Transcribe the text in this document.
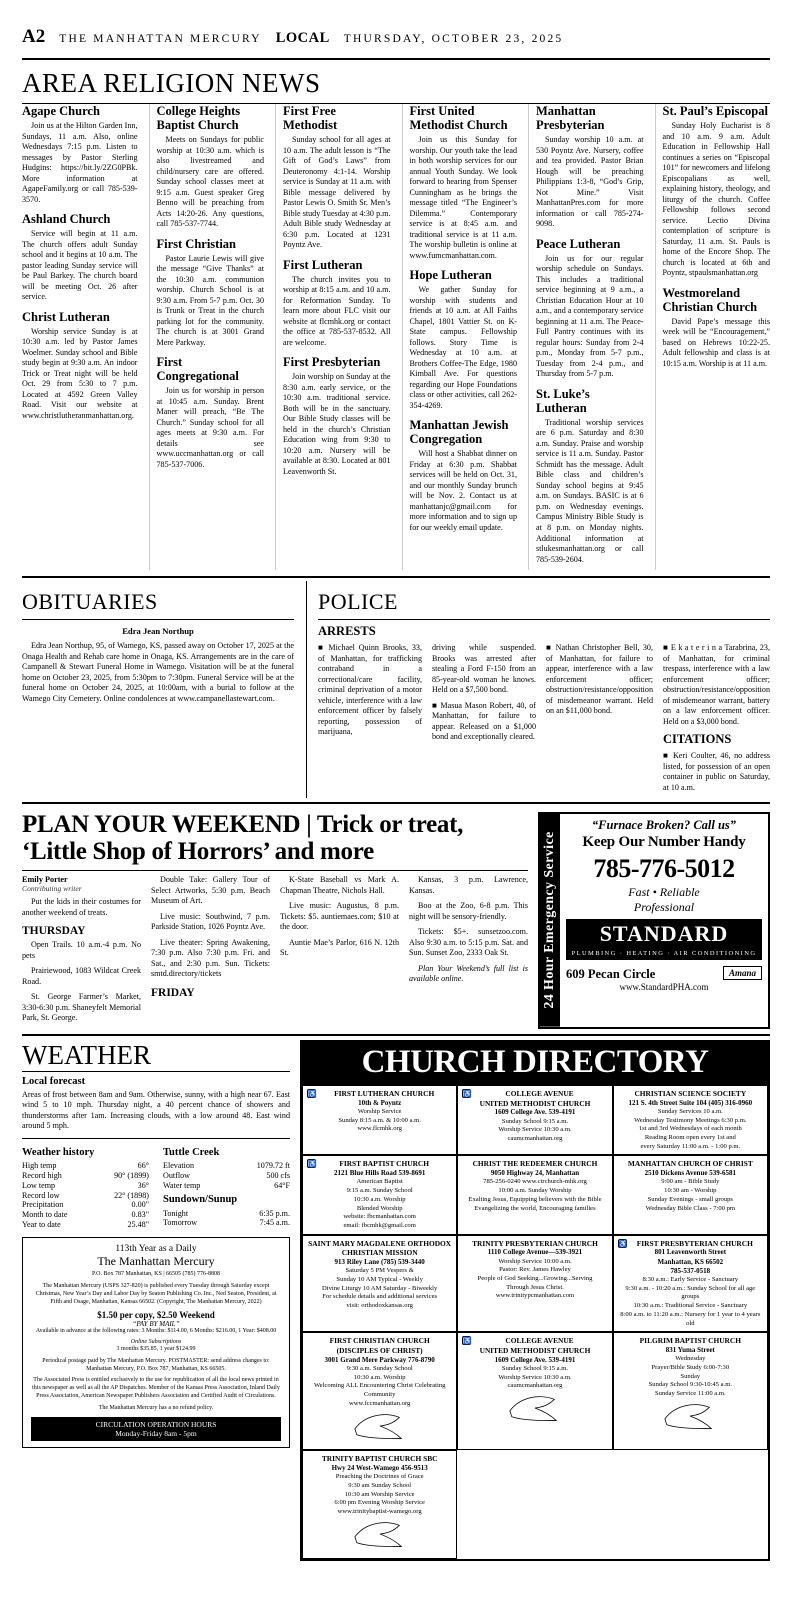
A2 THE MANHATTAN MERCURY LOCAL THURSDAY, OCTOBER 23, 2025
AREA RELIGION NEWS
Agape Church

Join us at the Hilton Garden Inn, Sundays, 11 a.m. Also, online Wednesdays 7:15 p.m. Listen to messages by Pastor Sterling Hudgins: https://bit.ly/2ZG0PBk. More information at AgapeFamily.org or call 785-539-3570.

Ashland Church

Service will begin at 11 a.m. The church offers adult Sunday school and it begins at 10 a.m. The pastor leading Sunday service will be Paul Barkey. The church board will be meeting Oct. 26 after service.

Christ Lutheran

Worship service Sunday is at 10:30 a.m. led by Pastor James Woelmer. Sunday school and Bible study begin at 9:30 a.m. An indoor Trick or Treat night will be held Oct. 29 from 5:30 to 7 p.m. Located at 4592 Green Valley Road. Visit our website at www.christlutheranmanhattan.org.

College Heights Baptist Church

Meets on Sundays for public worship at 10:30 a.m. which is also livestreamed and child/nursery care are offered. Sunday school classes meet at 9:15 a.m. Guest speaker Greg Benno will be preaching from Acts 14:20-26. Any questions, call 785-537-7744.

First Christian

Pastor Laurie Lewis will give the message “Give Thanks” at the 10:30 a.m. communion worship. Church School is at 9:30 a.m. From 5-7 p.m. Oct. 30 is Trunk or Treat in the church parking lot for the community. The church is at 3001 Grand Mere Parkway.

First Congregational

Join us for worship in person at 10:45 a.m. Sunday. Brent Maner will preach, “Be The Church.” Sunday school for all ages meets at 9:30 a.m. For details see www.uccmanhattan.org or call 785-537-7006.

First Free Methodist

Sunday school for all ages at 10 a.m. The adult lesson is “The Gift of God’s Laws” from Deuteronomy 4:1-14. Worship service is Sunday at 11 a.m. with Bible message delivered by Pastor Lewis O. Smith Sr. Men’s Bible study Tuesday at 4:30 p.m. Adult Bible study Wednesday at 6:30 p.m. Located at 1231 Poyntz Ave.

First Lutheran

The church invites you to worship at 8:15 a.m. and 10 a.m. for Reformation Sunday. To learn more about FLC visit our website at flcmhk.org or contact the office at 785-537-8532. All are welcome.

First Presbyterian

Join worship on Sunday at the 8:30 a.m. early service, or the 10:30 a.m. traditional service. Both will be in the sanctuary. Our Bible Study classes will be held in the church’s Christian Education wing from 9:30 to 10:20 a.m. Nursery will be available at 8:30. Located at 801 Leavenworth St.

First United Methodist Church

Join us this Sunday for worship. Our youth take the lead in both worship services for our annual Youth Sunday. We look forward to hearing from Spenser Cunningham as he brings the message titled “The Engineer’s Dilemma.” Contemporary service is at 8:45 a.m. and traditional service is at 11 a.m. The worship bulletin is online at www.fumcmanhattan.com.

Hope Lutheran

We gather Sunday for worship with students and friends at 10 a.m. at All Faiths Chapel, 1801 Vattier St. on K-State campus. Fellowship follows. Story Time is Wednesday at 10 a.m. at Brothers Coffee-The Edge, 1980 Kimball Ave. For questions regarding our Hope Foundations class or other activities, call 262-354-4269.

Manhattan Jewish Congregation

Will host a Shabbat dinner on Friday at 6:30 p.m. Shabbat services will be held on Oct. 31, and our monthly Sunday brunch will be Nov. 2. Contact us at manhattanjc@gmail.com for more information and to sign up for our weekly email update.

Manhattan Presbyterian

Sunday worship 10 a.m. at 530 Poyntz Ave. Nursery, coffee and tea provided. Pastor Brian Hough will be preaching Philippians 1:3-8, “God’s Grip, Not Mine.” Visit ManhattanPres.com for more information or call 785-274-9098.

Peace Lutheran

Join us for our regular worship schedule on Sundays. This includes a traditional service beginning at 9 a.m., a Christian Education Hour at 10 a.m., and a contemporary service beginning at 11 a.m. The Peace-Full Pantry continues with its regular hours: Sunday from 2-4 p.m., Monday from 5-7 p.m., Tuesday from 2-4 p.m., and Thursday from 5-7 p.m.

St. Luke’s Lutheran

Traditional worship services are 6 p.m. Saturday and 8:30 a.m. Sunday. Praise and worship service is 11 a.m. Sunday. Pastor Schmidt has the message. Adult Bible class and children’s Sunday school begins at 9:45 a.m. on Sundays. BASIC is at 6 p.m. on Wednesday evenings. Campus Ministry Bible Study is at 8 p.m. on Monday nights. Additional information at stlukesmanhattan.org or call 785-539-2604.

St. Paul’s Episcopal

Sunday Holy Eucharist is 8 and 10 a.m. 9 a.m. Adult Education in Fellowship Hall continues a series on “Episcopal 101” for newcomers and lifelong Episcopalians as well, explaining history, theology, and liturgy of the church. Coffee Fellowship follows second service. Lectio Divina contemplation of scripture is Saturday, 11 a.m. St. Pauls is home of the Encore Shop. The church is located at 6th and Poyntz, stpaulsmanhattan.org

Westmoreland Christian Church

David Pape’s message this week will be “Encouragement,” based on Hebrews 10:22-25. Adult fellowship and class is at 10:15 a.m. Worship is at 11 a.m.

OBITUARIES
Edra Jean Northup

Edra Jean Northup, 95, of Wamego, KS, passed away on October 17, 2025 at the Onaga Health and Rehab care home in Onaga, KS. Arrangements are in the care of Campanell & Stewart Funeral Home in Wamego. Visitation will be at the funeral home on October 23, 2025, from 5:30pm to 7:30pm. Funeral Service will be at the funeral home on October 24, 2025, at 10:00am, with a burial to follow at the Wamego City Cemetery. Online condolences at www.campanellastewart.com.

POLICE
ARRESTS

■ Michael Quinn Brooks, 33, of Manhattan, for trafficking contraband in a correctional/care facility, criminal deprivation of a motor vehicle, interference with a law enforcement officer by falsely reporting, possession of marijuana,

driving while suspended. Brooks was arrested after stealing a Ford F-150 from an 85-year-old woman he knows. Held on a $7,500 bond.

■ Masua Mason Robert, 40, of Manhattan, for failure to appear. Released on a $1,000 bond and exceptionally cleared.

■ Nathan Christopher Bell, 30, of Manhattan, for failure to appear, interference with a law enforcement officer; obstruction/resistance/opposition of misdemeanor warrant. Held on an $11,000 bond.

■ E k a t e r i n a Tarabrina, 23, of Manhattan, for criminal trespass, interference with a law enforcement officer; obstruction/resistance/opposition of misdemeanor warrant, battery on a law enforcement officer. Held on a $3,000 bond.

CITATIONS

■ Keri Coulter, 46, no address listed, for possession of an open container in public on Saturday, at 10 a.m.

PLAN YOUR WEEKEND | Trick or treat, ‘Little Shop of Horrors’ and more
Emily Porter
Contributing writer

Put the kids in their costumes for another weekend of treats.

THURSDAY

Open Trails. 10 a.m.-4 p.m. No pets

Prairiewood, 1083 Wildcat Creek Road.

St. George Farmer’s Market, 3:30-6:30 p.m. Shaneyfelt Memorial Park, St. George.

Double Take: Gallery Tour of Select Artworks, 5:30 p.m. Beach Museum of Art.

Live music: Southwind, 7 p.m. Parkside Station, 1026 Poyntz Ave.

Live theater: Spring Awakening, 7:30 p.m. Also 7:30 p.m. Fri. and Sat., and 2:30 p.m. Sun. Tickets: smtd.directory/tickets

FRIDAY

K-State Baseball vs Mark A. Chapman Theatre, Nichols Hall.

Live music: Augustus, 8 p.m. Tickets: $5. auntiemaes.com; $10 at the door.

Auntie Mae’s Parlor, 616 N. 12th St.

Kansas, 3 p.m. Lawrence, Kansas.

Boo at the Zoo, 6-8 p.m. This night will be sensory-friendly.

Tickets: $5+. sunsetzoo.com. Also 9:30 a.m. to 5:15 p.m. Sat. and Sun. Sunset Zoo, 2333 Oak St.

Plan Your Weekend’s full list is available online.	24 Hour Emergency Service
“Furnace Broken? Call us”
Keep Our Number Handy
785-776-5012
Fast • Reliable
Professional
STANDARD
PLUMBING · HEATING · AIR CONDITIONING
609 Pecan Circle	Amana
www.StandardPHA.com
WEATHER
Local forecast
Areas of frost between 8am and 9am. Otherwise, sunny, with a high near 67. East wind 5 to 10 mph. Thursday night, a 40 percent chance of showers and thunderstorms after 1am. Increasing clouds, with a low around 48. East wind around 5 mph.
Weather history
High temp	66°
Record high	90° (1899)
Low temp	36°
Record low	22° (1898)
Precipitation	0.00"
Month to date	0.83"
Year to date	25.48"
Tuttle Creek
Elevation	1079.72 ft
Outflow	500 cfs
Water temp	64°F
Sundown/Sunup
Tonight	6:35 p.m.
Tomorrow	7:45 a.m.
113th Year as a Daily
The Manhattan Mercury
P.O. Box 787 Manhattan, KS | 66505 (785) 776-8808
The Manhattan Mercury (USPS 327-820) is published every Tuesday through Saturday except Christmas, New Year’s Day and Labor Day by Seaton Publishing Co. Inc., Ned Seaton, President, at Fifth and Osage, Manhattan, Kansas 66502. (Copyright, The Manhattan Mercury, 2022)
$1.50 per copy, $2.50 Weekend
“PAY BY MAIL”
Available in advance at the following rates: 3 Months: $114.00, 6 Months: $216.00, 1 Year: $408.00
Online Subscriptions
3 months $35.85, 1 year $124.99
Periodical postage paid by The Manhattan Mercury. POSTMASTER: send address changes to: Manhattan Mercury, P.O. Box 787, Manhattan, KS 66505.
The Associated Press is entitled exclusively to the use for republication of all the local news printed in this newspaper as well as all the AP Dispatches. Member of the Kansas Press Association, Inland Daily Press Association, American Newspaper Publishers Association and Certified Audit of Circulations.
The Manhattan Mercury has a no refund policy.
CIRCULATION OPERATION HOURS
Monday-Friday 8am - 5pm
CHURCH DIRECTORY
♿	FIRST LUTHERAN CHURCH
10th & Poyntz
Worship Service
Sunday 8:15 a.m. & 10:00 a.m.
www.flcmhk.org
♿	COLLEGE AVENUE
UNITED METHODIST CHURCH
1609 College Ave. 539-4191
Sunday School 9:15 a.m.
Worship Service 10:30 a.m.
caumcmanhattan.org
CHRISTIAN SCIENCE SOCIETY
121 S. 4th Street Suite 104 (405) 316-0960
Sunday Services 10 a.m.
Wednesday Testimony Meetings 6:30 p.m.
1st and 3rd Wednesdays of each month
Reading Room open every 1st and
every Saturday 11:00 a.m. - 1:00 p.m.
♿	FIRST BAPTIST CHURCH
2121 Blue Hills Road 539-8691
American Baptist
9:15 a.m. Sunday School
10:30 a.m. Worship
Blended Worship
website: fbcmanhattan.com
email: fbcmhk@gmail.com
CHRIST THE REDEEMER CHURCH
9050 Highway 24, Manhattan
785-256-0240 www.ctrchurch-mhk.org
10:00 a.m. Sunday Worship
Exalting Jesus, Equipping believers with the Bible
Evangelizing the world, Encouraging families
MANHATTAN CHURCH OF CHRIST
2510 Dickens Avenue 539-6581
9:00 am - Bible Study
10:30 am - Worship
Sunday Evenings - small groups
Wednesday Bible Class - 7:00 pm
SAINT MARY MAGDALENE ORTHODOX
CHRISTIAN MISSION
913 Riley Lane (785) 539-3440
Saturday 5 PM Vespers &
Sunday 10 AM Typical - Weekly
Divine Liturgy 10 AM Saturday - Biweekly
For schedule details and additional services
visit: orthodoxkansas.org
TRINITY PRESBYTERIAN CHURCH
1110 College Avenue—539-3921
Worship Service 10:00 a.m.
Pastor: Rev. James Hawley
People of God Seeking...Growing...Serving
Through Jesus Christ.
www.trinitypcmanhattan.com
♿	FIRST PRESBYTERIAN CHURCH
801 Leavenworth Street
Manhattan, KS 66502
785-537-0518
8:30 a.m.: Early Service - Sanctuary
9:30 a.m. - 10:20 a.m.: Sunday School for all age groups
10:30 a.m.: Traditional Service - Sanctuary
8:00 a.m. to 11:20 a.m.: Nursery for 1 year to 4 years old
FIRST CHRISTIAN CHURCH
(DISCIPLES OF CHRIST)
3001 Grand Mere Parkway 776-8790
9:30 a.m. Sunday School
10:30 a.m. Worship
Welcoming ALL Encountering Christ Celebrating Community
www.fccmanhattan.org
♿	COLLEGE AVENUE
UNITED METHODIST CHURCH
1609 College Ave. 539-4191
Sunday School 9:15 a.m.
Worship Service 10:30 a.m.
caumcmanhattan.org
PILGRIM BAPTIST CHURCH
831 Yuma Street
Wednesday
Prayer/Bible Study 6:00-7:30
Sunday
Sunday School 9:30-10:45 a.m.
Sunday Service 11:00 a.m.
TRINITY BAPTIST CHURCH SBC
Hwy 24 West-Wamego 456-9513
Preaching the Doctrines of Grace
9:30 am Sunday School
10:30 am Worship Service
6:00 pm Evening Worship Service
www.trinitybaptist-wamego.org
